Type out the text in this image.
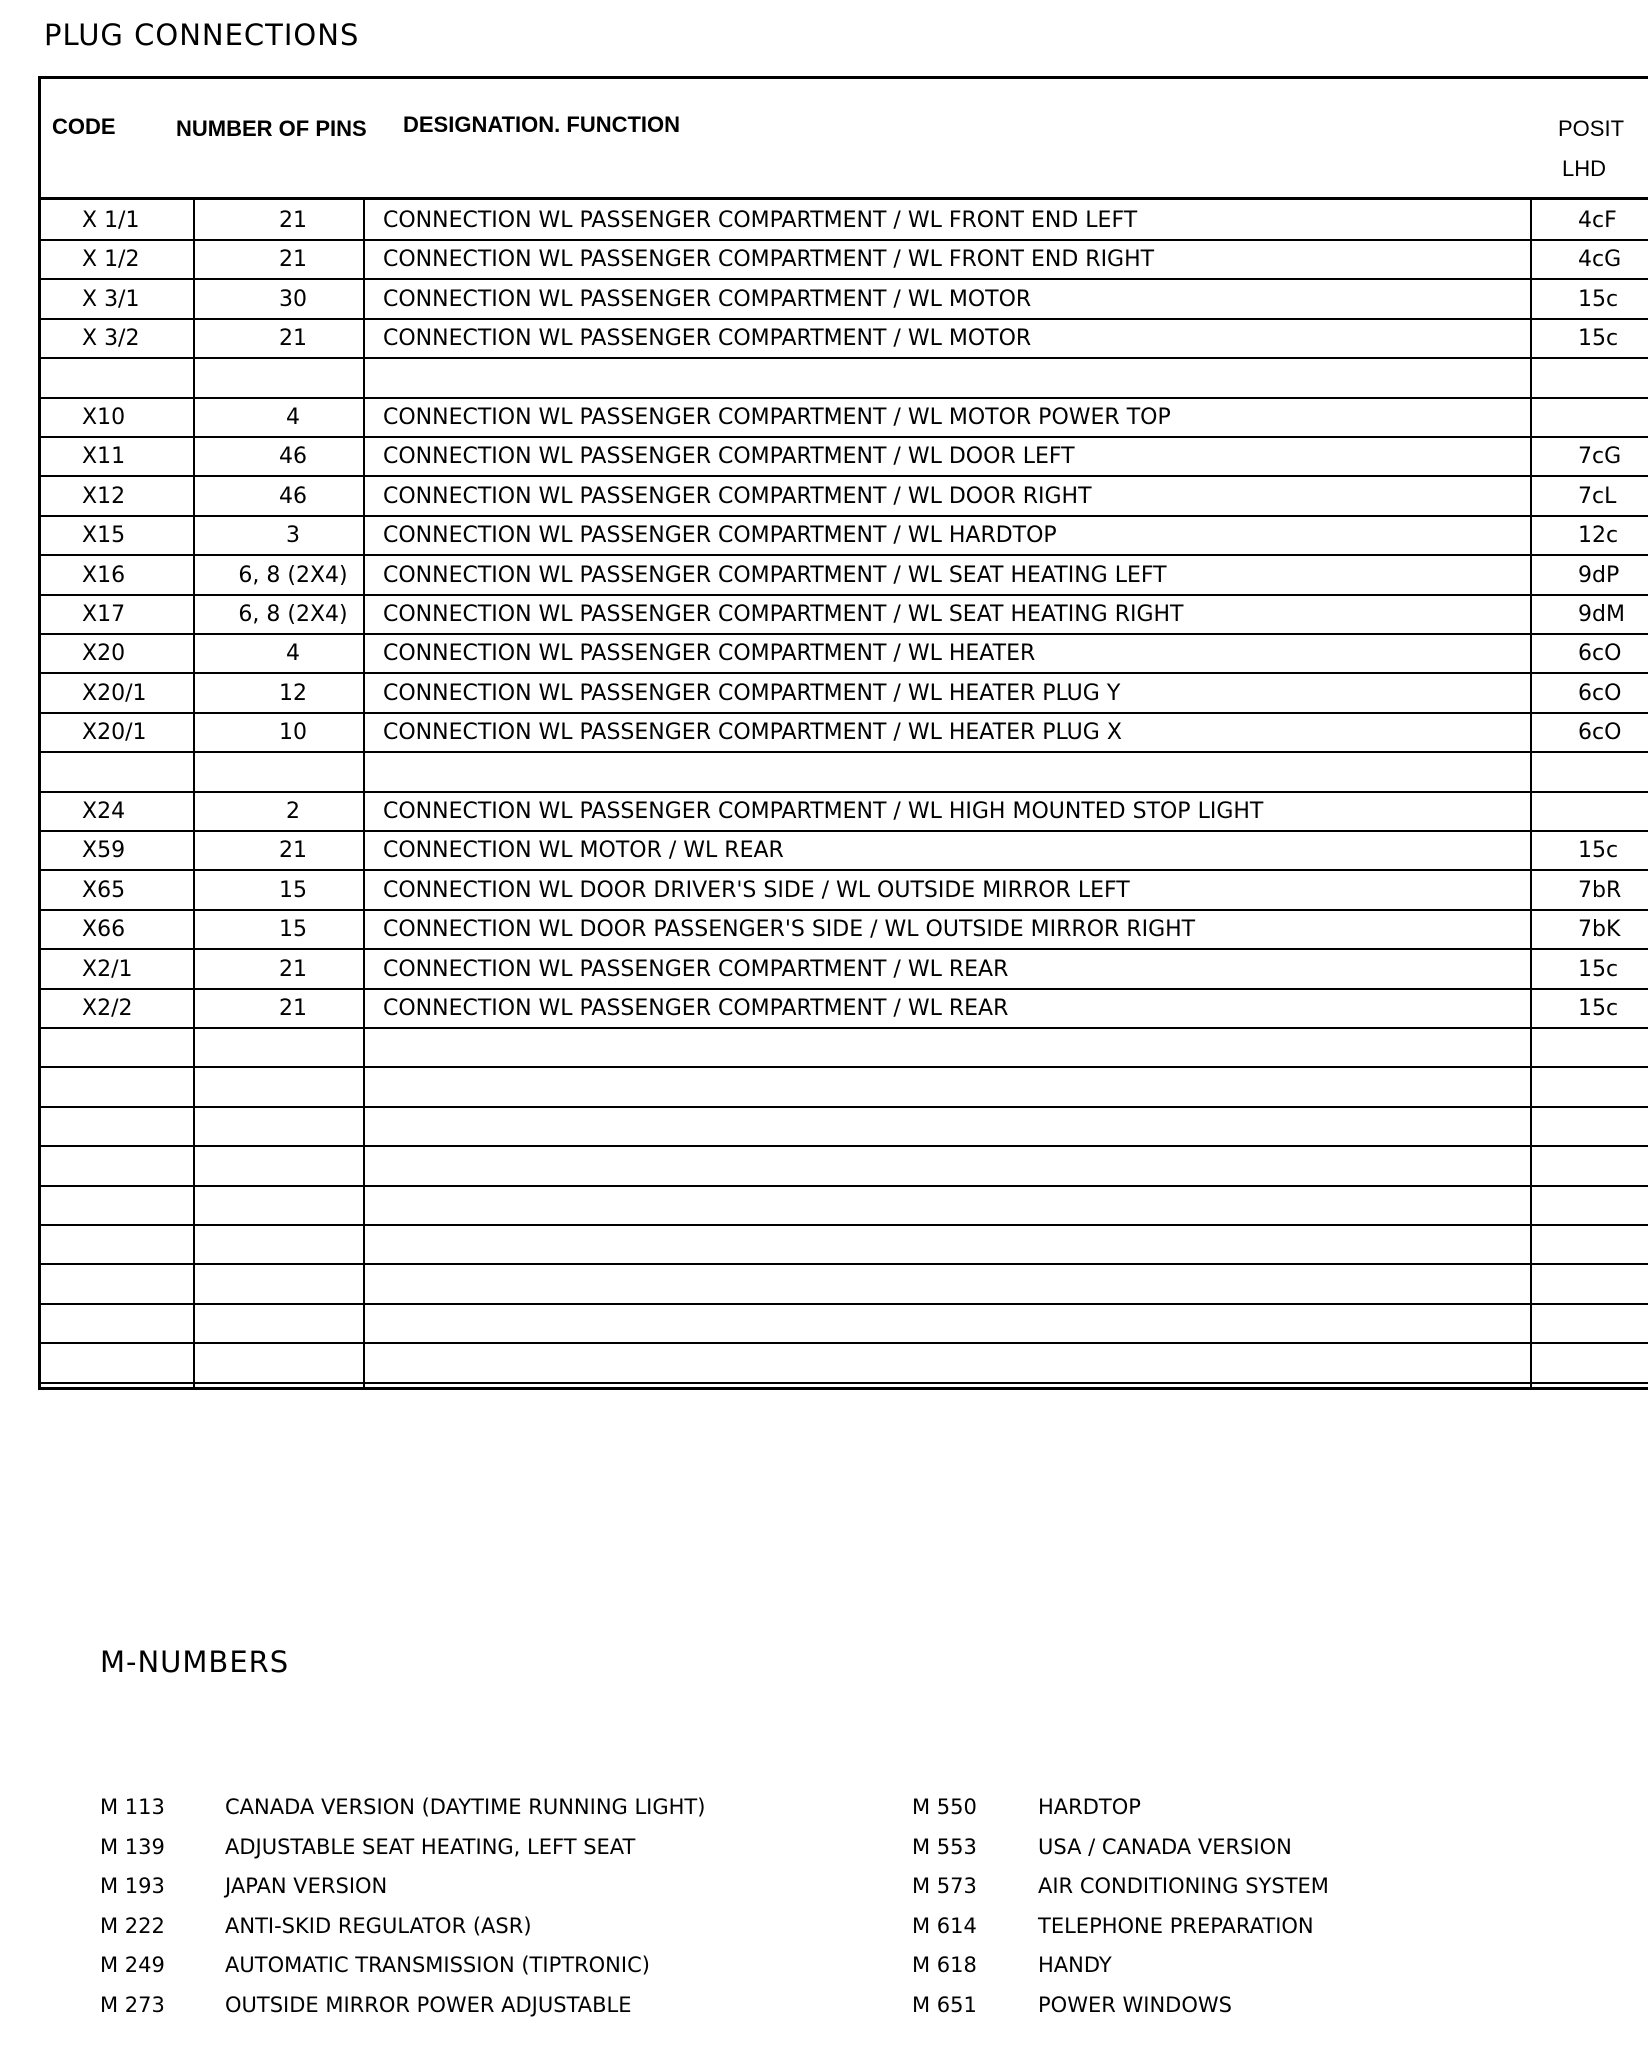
PLUG CONNECTIONS
CODE	NUMBER OF PINS DESIGNATION. FUNCTION	POSIT
LHD
X 1/1	21	CONNECTION WL PASSENGER COMPARTMENT / WL FRONT END LEFT	4cF
X 1/2	21	CONNECTION WL PASSENGER COMPARTMENT / WL FRONT END RIGHT	4cG
X 3/1	30	CONNECTION WL PASSENGER COMPARTMENT / WL MOTOR	15c
X 3/2	21	CONNECTION WL PASSENGER COMPARTMENT / WL MOTOR	15c
X10	4	CONNECTION WL PASSENGER COMPARTMENT / WL MOTOR POWER TOP
X11	46	CONNECTION WL PASSENGER COMPARTMENT / WL DOOR LEFT	7cG
X12	46	CONNECTION WL PASSENGER COMPARTMENT / WL DOOR RIGHT	7cL
X15	3	CONNECTION WL PASSENGER COMPARTMENT / WL HARDTOP	12c
X16	6, 8 (2X4)	CONNECTION WL PASSENGER COMPARTMENT / WL SEAT HEATING LEFT	9dP
X17	6, 8 (2X4)	CONNECTION WL PASSENGER COMPARTMENT / WL SEAT HEATING RIGHT	9dM
X20	4	CONNECTION WL PASSENGER COMPARTMENT / WL HEATER	6cO
X20/1	12	CONNECTION WL PASSENGER COMPARTMENT / WL HEATER PLUG Y	6cO
X20/1	10	CONNECTION WL PASSENGER COMPARTMENT / WL HEATER PLUG X	6cO
X24	2	CONNECTION WL PASSENGER COMPARTMENT / WL HIGH MOUNTED STOP LIGHT
X59	21	CONNECTION WL MOTOR / WL REAR	15c
X65	15	CONNECTION WL DOOR DRIVER'S SIDE / WL OUTSIDE MIRROR LEFT	7bR
X66	15	CONNECTION WL DOOR PASSENGER'S SIDE / WL OUTSIDE MIRROR RIGHT	7bK
X2/1	21	CONNECTION WL PASSENGER COMPARTMENT / WL REAR	15c
X2/2	21	CONNECTION WL PASSENGER COMPARTMENT / WL REAR	15c
M-NUMBERS
M 113	CANADA VERSION (DAYTIME RUNNING LIGHT)
M 139	ADJUSTABLE SEAT HEATING, LEFT SEAT
M 193	JAPAN VERSION
M 222	ANTI-SKID REGULATOR (ASR)
M 249	AUTOMATIC TRANSMISSION (TIPTRONIC)
M 273	OUTSIDE MIRROR POWER ADJUSTABLE
M 550	HARDTOP
M 553	USA / CANADA VERSION
M 573	AIR CONDITIONING SYSTEM
M 614	TELEPHONE PREPARATION
M 618	HANDY
M 651	POWER WINDOWS
